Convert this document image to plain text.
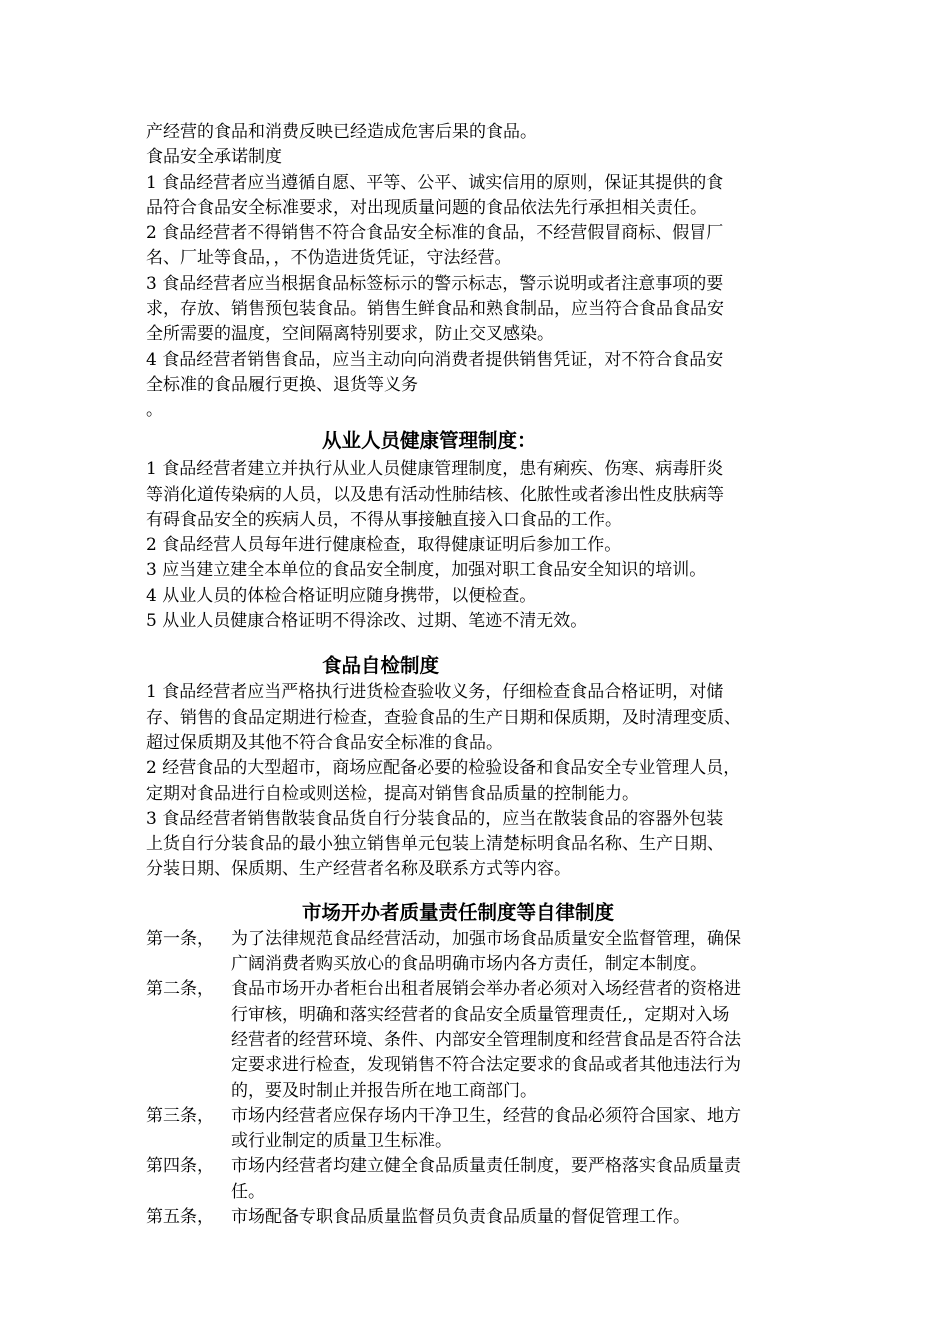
产经营的食品和消费反映已经造成危害后果的食品。
食品安全承诺制度
1 食品经营者应当遵循自愿、平等、公平、诚实信用的原则，保证其提供的食
品符合食品安全标准要求，对出现质量问题的食品依法先行承担相关责任。
2 食品经营者不得销售不符合食品安全标准的食品，不经营假冒商标、假冒厂
名、厂址等食品，，不伪造进货凭证，守法经营。
3 食品经营者应当根据食品标签标示的警示标志，警示说明或者注意事项的要
求，存放、销售预包装食品。销售生鲜食品和熟食制品，应当符合食品食品安
全所需要的温度，空间隔离特别要求，防止交叉感染。
4 食品经营者销售食品，应当主动向向消费者提供销售凭证，对不符合食品安
全标准的食品履行更换、退货等义务
。
从业人员健康管理制度：
1 食品经营者建立并执行从业人员健康管理制度，患有痢疾、伤寒、病毒肝炎
等消化道传染病的人员，以及患有活动性肺结核、化脓性或者渗出性皮肤病等
有碍食品安全的疾病人员，不得从事接触直接入口食品的工作。
2 食品经营人员每年进行健康检查，取得健康证明后参加工作。
3 应当建立建全本单位的食品安全制度，加强对职工食品安全知识的培训。
4 从业人员的体检合格证明应随身携带，以便检查。
5 从业人员健康合格证明不得涂改、过期、笔迹不清无效。
食品自检制度
1 食品经营者应当严格执行进货检查验收义务，仔细检查食品合格证明，对储
存、销售的食品定期进行检查，查验食品的生产日期和保质期，及时清理变质、
超过保质期及其他不符合食品安全标准的食品。
2 经营食品的大型超市，商场应配备必要的检验设备和食品安全专业管理人员，
定期对食品进行自检或则送检，提高对销售食品质量的控制能力。
3 食品经营者销售散装食品货自行分装食品的，应当在散装食品的容器外包装
上货自行分装食品的最小独立销售单元包装上清楚标明食品名称、生产日期、
分装日期、保质期、生产经营者名称及联系方式等内容。
市场开办者质量责任制度等自律制度
第一条，	为了法律规范食品经营活动，加强市场食品质量安全监督管理，确保
广阔消费者购买放心的食品明确市场内各方责任，制定本制度。
第二条，	食品市场开办者柜台出租者展销会举办者必须对入场经营者的资格进
行审核，明确和落实经营者的食品安全质量管理责任,，定期对入场
经营者的经营环境、条件、内部安全管理制度和经营食品是否符合法
定要求进行检查，发现销售不符合法定要求的食品或者其他违法行为
的，要及时制止并报告所在地工商部门。
第三条，	市场内经营者应保存场内干净卫生，经营的食品必须符合国家、地方
或行业制定的质量卫生标准。
第四条，	市场内经营者均建立健全食品质量责任制度，要严格落实食品质量责
任。
第五条，	市场配备专职食品质量监督员负责食品质量的督促管理工作。
